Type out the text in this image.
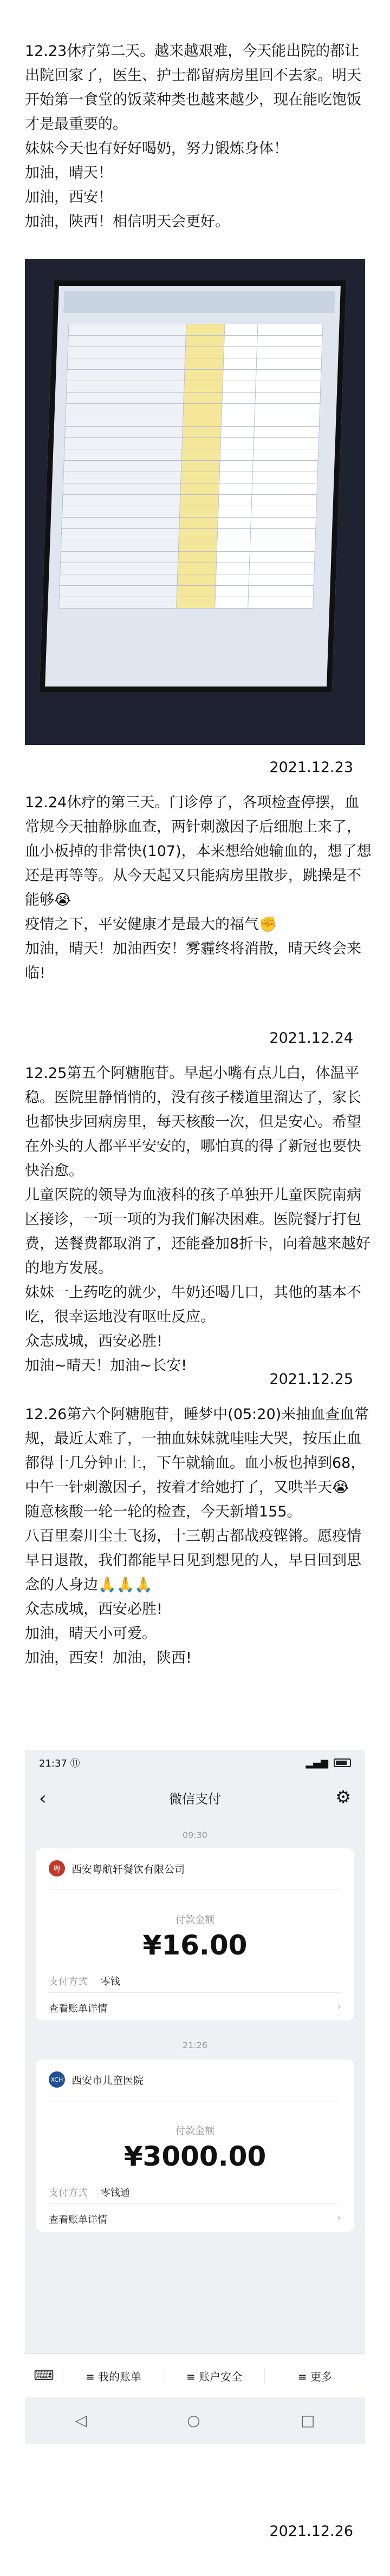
12.23休疗第二天。越来越艰难，今天能出院的都让出院回家了，医生、护士都留病房里回不去家。明天开始第一食堂的饭菜种类也越来越少，现在能吃饱饭才是最重要的。

妹妹今天也有好好喝奶，努力锻炼身体！

加油，晴天！

加油，西安！

加油，陕西！相信明天会更好。

2021.12.23

12.24休疗的第三天。门诊停了，各项检查停摆，血常规今天抽静脉血查，两针刺激因子后细胞上来了，血小板掉的非常快(107)，本来想给她输血的，想了想还是再等等。从今天起又只能病房里散步，跳操是不能够😭

疫情之下，平安健康才是最大的福气✊

加油，晴天！加油西安！雾霾终将消散，晴天终会来临!

2021.12.24

12.25第五个阿糖胞苷。早起小嘴有点儿白，体温平稳。医院里静悄悄的，没有孩子楼道里溜达了，家长也都快步回病房里，每天核酸一次，但是安心。希望在外头的人都平平安安的，哪怕真的得了新冠也要快快治愈。

儿童医院的领导为血液科的孩子单独开儿童医院南病区接诊，一项一项的为我们解决困难。医院餐厅打包费，送餐费都取消了，还能叠加8折卡，向着越来越好的地方发展。

妹妹一上药吃的就少，牛奶还喝几口，其他的基本不吃，很幸运地没有呕吐反应。

众志成城，西安必胜!

加油~晴天！加油~长安!

2021.12.25

12.26第六个阿糖胞苷，睡梦中(05:20)来抽血查血常规，最近太难了，一抽血妹妹就哇哇大哭，按压止血都得十几分钟止上，下午就输血。血小板也掉到68，中午一针刺激因子，按着才给她打了，又哄半天😭

随意核酸一轮一轮的检查，今天新增155。

八百里秦川尘土飞扬，十三朝古都战疫铿锵。愿疫情早日退散，我们都能早日见到想见的人，早日回到思念的人身边🙏🙏🙏

众志成城，西安必胜!

加油，晴天小可爱。

加油，西安！加油，陕西!

21:37 ⑪	▂▄▆
‹	微信支付	⚙
09:30
粤	西安粤航轩餐饮有限公司
付款金额
¥16.00
支付方式 零钱
查看账单详情	›
21:26
XCH 西安市儿童医院
付款金额
¥3000.00
支付方式 零钱通
查看账单详情	›
⌨	≡ 我的账单	≡ 账户安全	≡ 更多
◁	○	□
2021.12.26
